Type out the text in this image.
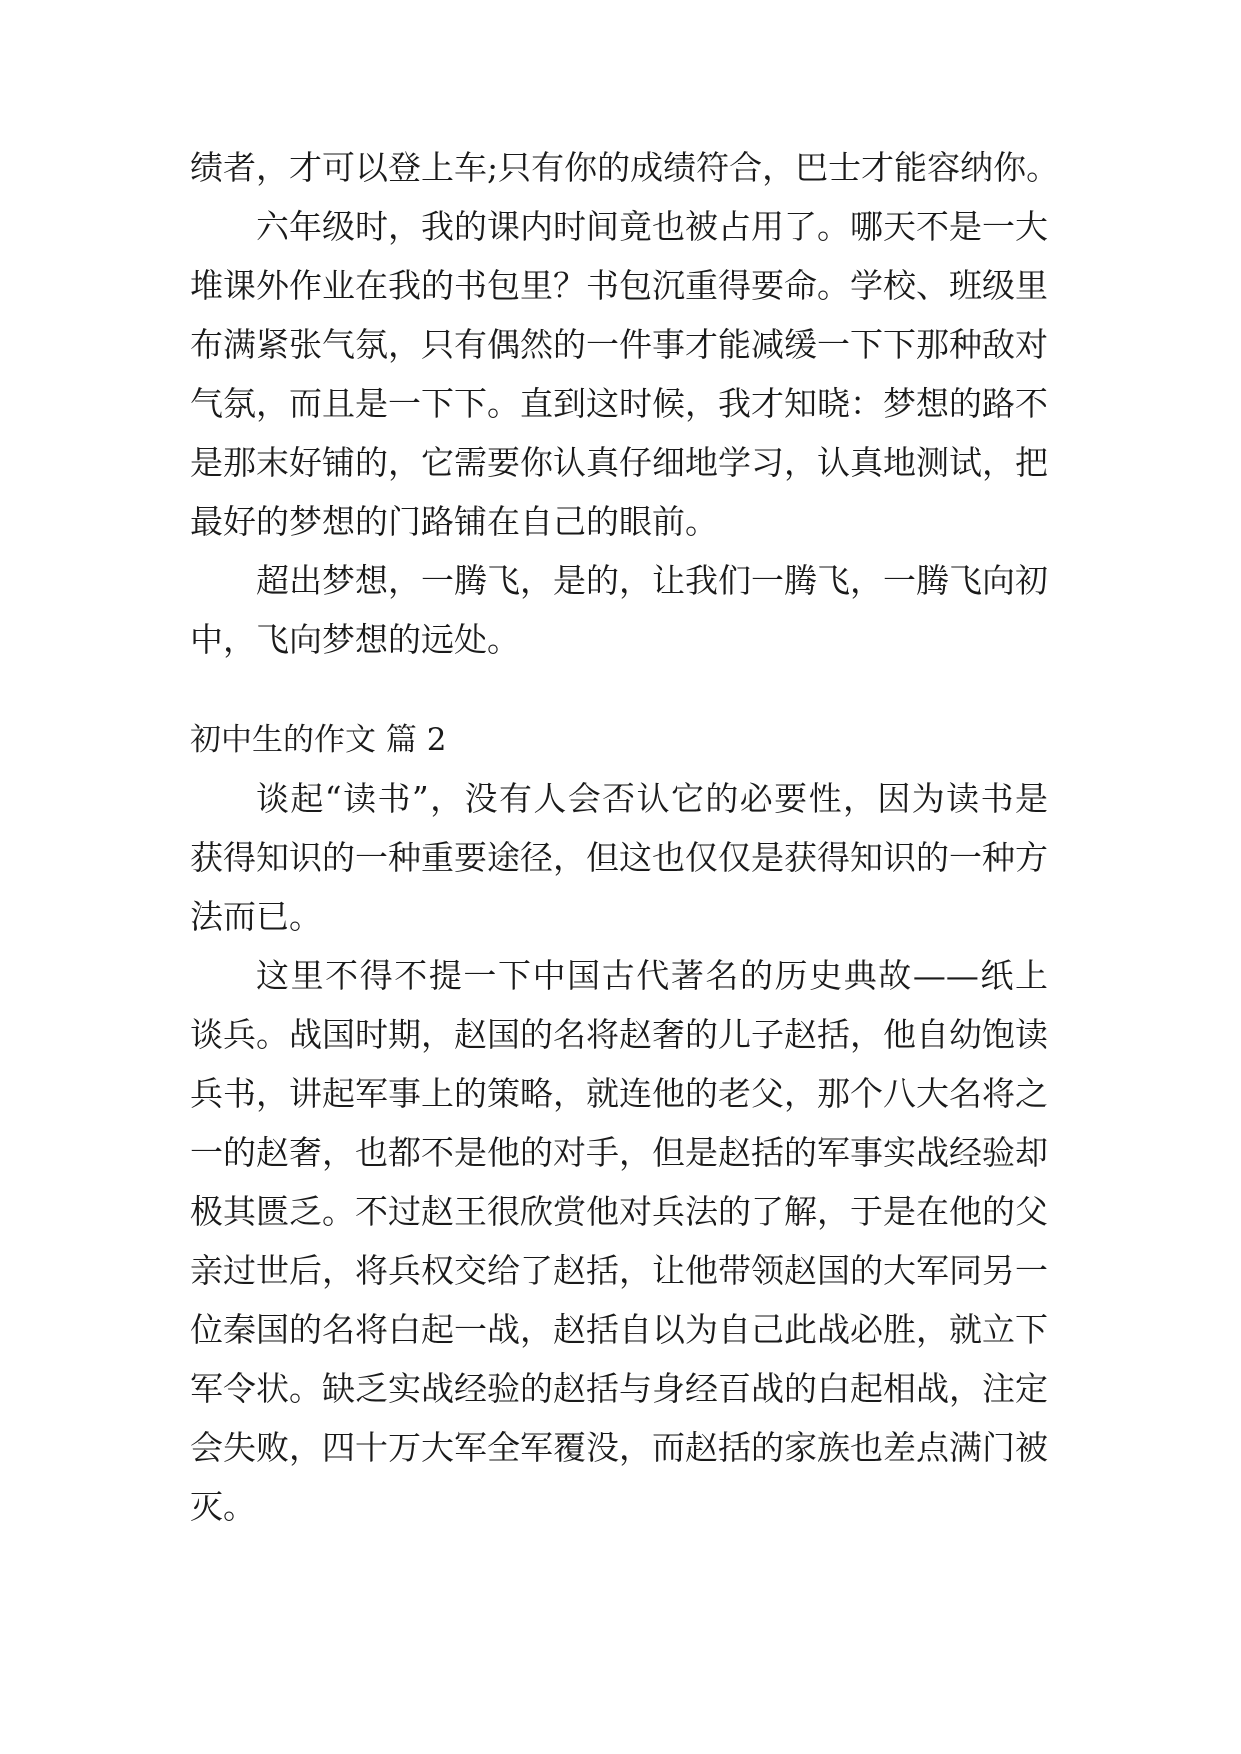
绩者，才可以登上车;只有你的成绩符合，巴士才能容纳你。
六年级时，我的课内时间竟也被占用了。哪天不是一大
堆课外作业在我的书包里？书包沉重得要命。学校、班级里
布满紧张气氛，只有偶然的一件事才能减缓一下下那种敌对
气氛，而且是一下下。直到这时候，我才知晓：梦想的路不
是那末好铺的，它需要你认真仔细地学习，认真地测试，把
最好的梦想的门路铺在自己的眼前。
超出梦想，一腾飞，是的，让我们一腾飞，一腾飞向初
中，飞向梦想的远处。
初中生的作文 篇 2
谈起“读书”，没有人会否认它的必要性，因为读书是
获得知识的一种重要途径，但这也仅仅是获得知识的一种方
法而已。
这里不得不提一下中国古代著名的历史典故——纸上
谈兵。战国时期，赵国的名将赵奢的儿子赵括，他自幼饱读
兵书，讲起军事上的策略，就连他的老父，那个八大名将之
一的赵奢，也都不是他的对手，但是赵括的军事实战经验却
极其匮乏。不过赵王很欣赏他对兵法的了解，于是在他的父
亲过世后，将兵权交给了赵括，让他带领赵国的大军同另一
位秦国的名将白起一战，赵括自以为自己此战必胜，就立下
军令状。缺乏实战经验的赵括与身经百战的白起相战，注定
会失败，四十万大军全军覆没，而赵括的家族也差点满门被
灭。
